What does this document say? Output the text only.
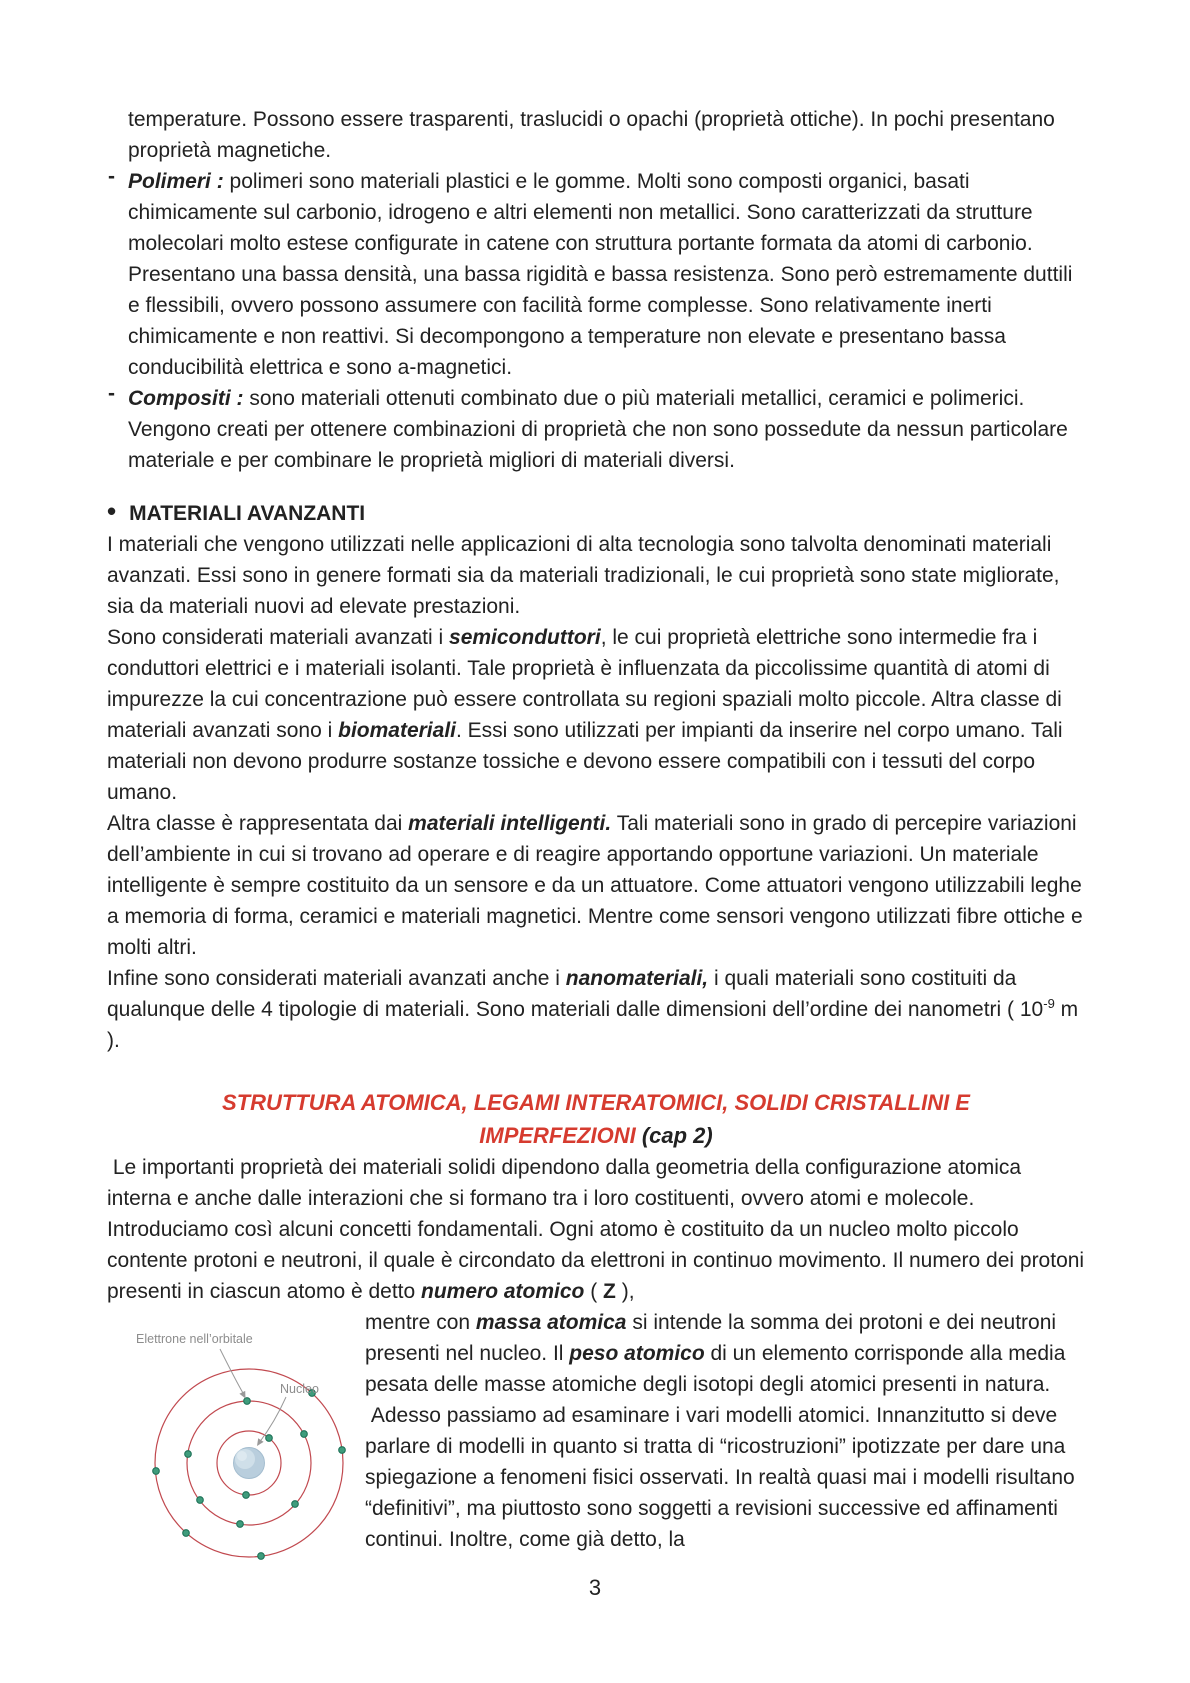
temperature. Possono essere trasparenti, traslucidi o opachi (proprietà ottiche). In pochi presentano proprietà magnetiche.

- Polimeri : polimeri sono materiali plastici e le gomme. Molti sono composti organici, basati chimicamente sul carbonio, idrogeno e altri elementi non metallici. Sono caratterizzati da strutture molecolari molto estese configurate in catene con struttura portante formata da atomi di carbonio. Presentano una bassa densità, una bassa rigidità e bassa resistenza. Sono però estremamente duttili e flessibili, ovvero possono assumere con facilità forme complesse. Sono relativamente inerti chimicamente e non reattivi. Si decompongono a temperature non elevate e presentano bassa conducibilità elettrica e sono a-magnetici.

- Compositi : sono materiali ottenuti combinato due o più materiali metallici, ceramici e polimerici. Vengono creati per ottenere combinazioni di proprietà che non sono possedute da nessun particolare materiale e per combinare le proprietà migliori di materiali diversi.

• MATERIALI AVANZANTI

I materiali che vengono utilizzati nelle applicazioni di alta tecnologia sono talvolta denominati materiali avanzati. Essi sono in genere formati sia da materiali tradizionali, le cui proprietà sono state migliorate, sia da materiali nuovi ad elevate prestazioni.

Sono considerati materiali avanzati i semiconduttori, le cui proprietà elettriche sono intermedie fra i conduttori elettrici e i materiali isolanti. Tale proprietà è influenzata da piccolissime quantità di atomi di impurezze la cui concentrazione può essere controllata su regioni spaziali molto piccole. Altra classe di materiali avanzati sono i biomateriali. Essi sono utilizzati per impianti da inserire nel corpo umano. Tali materiali non devono produrre sostanze tossiche e devono essere compatibili con i tessuti del corpo umano.

Altra classe è rappresentata dai materiali intelligenti. Tali materiali sono in grado di percepire variazioni dell’ambiente in cui si trovano ad operare e di reagire apportando opportune variazioni. Un materiale intelligente è sempre costituito da un sensore e da un attuatore. Come attuatori vengono utilizzabili leghe a memoria di forma, ceramici e materiali magnetici. Mentre come sensori vengono utilizzati fibre ottiche e molti altri.

Infine sono considerati materiali avanzati anche i nanomateriali, i quali materiali sono costituiti da qualunque delle 4 tipologie di materiali. Sono materiali dalle dimensioni dell’ordine dei nanometri ( $10^{-9}$ m ).

STRUTTURA ATOMICA, LEGAMI INTERATOMICI, SOLIDI CRISTALLINI E
IMPERFEZIONI (cap 2)

Le importanti proprietà dei materiali solidi dipendono dalla geometria della configurazione atomica interna e anche dalle interazioni che si formano tra i loro costituenti, ovvero atomi e molecole. Introduciamo così alcuni concetti fondamentali. Ogni atomo è costituito da un nucleo molto piccolo contente protoni e neutroni, il quale è circondato da elettroni in continuo movimento. Il numero dei protoni presenti in ciascun atomo è detto numero atomico ( Z ),

Elettrone nell’orbitale
Nucleo

mentre con massa atomica si intende la somma dei protoni e dei neutroni presenti nel nucleo. Il peso atomico di un elemento corrisponde alla media pesata delle masse atomiche degli isotopi degli atomici presenti in natura.

Adesso passiamo ad esaminare i vari modelli atomici. Innanzitutto si deve parlare di modelli in quanto si tratta di “ricostruzioni” ipotizzate per dare una spiegazione a fenomeni fisici osservati. In realtà quasi mai i modelli risultano “definitivi”, ma piuttosto sono soggetti a revisioni successive ed affinamenti continui. Inoltre, come già detto, la

3
